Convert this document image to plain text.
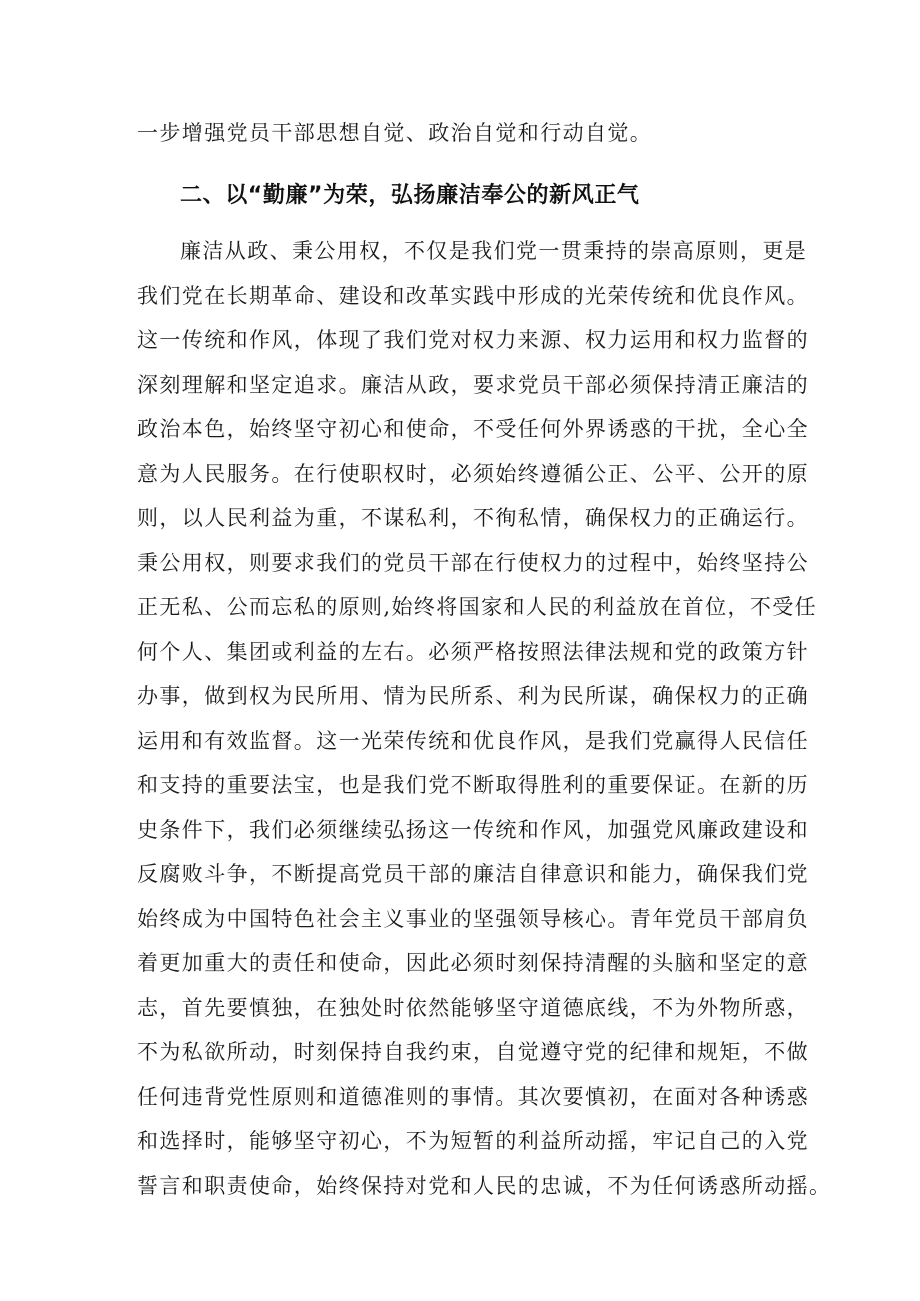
一步增强党员干部思想自觉、政治自觉和行动自觉。
二、以“勤廉”为荣，弘扬廉洁奉公的新风正气
廉洁从政、秉公用权，不仅是我们党一贯秉持的崇高原则，更是
我们党在长期革命、建设和改革实践中形成的光荣传统和优良作风。
这一传统和作风，体现了我们党对权力来源、权力运用和权力监督的
深刻理解和坚定追求。廉洁从政，要求党员干部必须保持清正廉洁的
政治本色，始终坚守初心和使命，不受任何外界诱惑的干扰，全心全
意为人民服务。在行使职权时，必须始终遵循公正、公平、公开的原
则，以人民利益为重，不谋私利，不徇私情，确保权力的正确运行。
秉公用权，则要求我们的党员干部在行使权力的过程中，始终坚持公
正无私、公而忘私的原则,始终将国家和人民的利益放在首位，不受任
何个人、集团或利益的左右。必须严格按照法律法规和党的政策方针
办事，做到权为民所用、情为民所系、利为民所谋，确保权力的正确
运用和有效监督。这一光荣传统和优良作风，是我们党赢得人民信任
和支持的重要法宝，也是我们党不断取得胜利的重要保证。在新的历
史条件下，我们必须继续弘扬这一传统和作风，加强党风廉政建设和
反腐败斗争，不断提高党员干部的廉洁自律意识和能力，确保我们党
始终成为中国特色社会主义事业的坚强领导核心。青年党员干部肩负
着更加重大的责任和使命，因此必须时刻保持清醒的头脑和坚定的意
志，首先要慎独，在独处时依然能够坚守道德底线，不为外物所惑，
不为私欲所动，时刻保持自我约束，自觉遵守党的纪律和规矩，不做
任何违背党性原则和道德准则的事情。其次要慎初，在面对各种诱惑
和选择时，能够坚守初心，不为短暂的利益所动摇，牢记自己的入党
誓言和职责使命，始终保持对党和人民的忠诚，不为任何诱惑所动摇。
